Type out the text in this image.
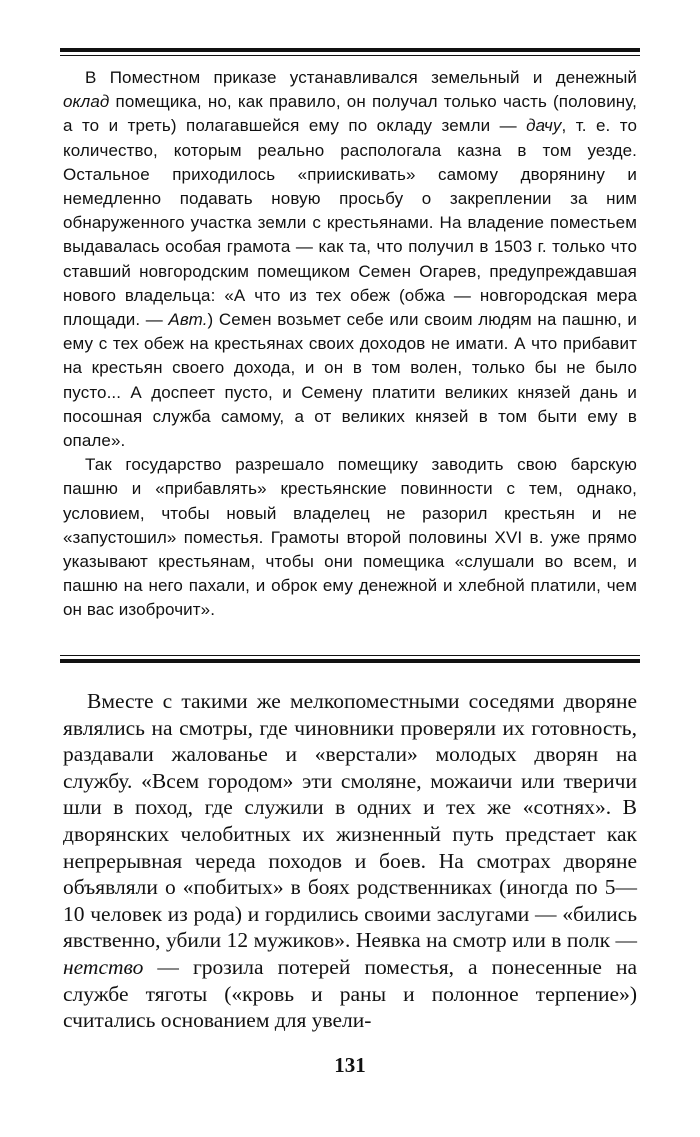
В Поместном приказе устанавливался земельный и денежный оклад помещика, но, как правило, он получал только часть (половину, а то и треть) полагавшейся ему по окладу земли — дачу, т. е. то количество, которым реально распологала казна в том уезде. Остальное приходилось «приискивать» самому дворянину и немедленно подавать новую просьбу о закреплении за ним обнаруженного участка земли с крестьянами. На владение поместьем выдавалась особая грамота — как та, что получил в 1503 г. только что ставший новгородским помещиком Семен Огарев, предупреждавшая нового владельца: «А что из тех обеж (обжа — новгородская мера площади. — Авт.) Семен возьмет себе или своим людям на пашню, и ему с тех обеж на крестьянах своих доходов не имати. А что прибавит на крестьян своего дохода, и он в том волен, только бы не было пусто... А доспеет пусто, и Семену платити великих князей дань и посошная служба самому, а от великих князей в том быти ему в опале».

Так государство разрешало помещику заводить свою барскую пашню и «прибавлять» крестьянские повинности с тем, однако, условием, чтобы новый владелец не разорил крестьян и не «запустошил» поместья. Грамоты второй половины XVI в. уже прямо указывают крестьянам, чтобы они помещика «слушали во всем, и пашню на него пахали, и оброк ему денежной и хлебной платили, чем он вас изоброчит».

Вместе с такими же мелкопоместными соседями дворяне являлись на смотры, где чиновники проверяли их готовность, раздавали жалованье и «верстали» молодых дворян на службу. «Всем городом» эти смоляне, можаичи или тверичи шли в поход, где служили в одних и тех же «сотнях». В дворянских челобитных их жизненный путь предстает как непрерывная череда походов и боев. На смотрах дворяне объявляли о «побитых» в боях родственниках (иногда по 5—10 человек из рода) и гордились своими заслугами — «бились явственно, убили 12 мужиков». Неявка на смотр или в полк — нетство — грозила потерей поместья, а понесенные на службе тяготы («кровь и раны и полонное терпение») считались основанием для увели-

131
